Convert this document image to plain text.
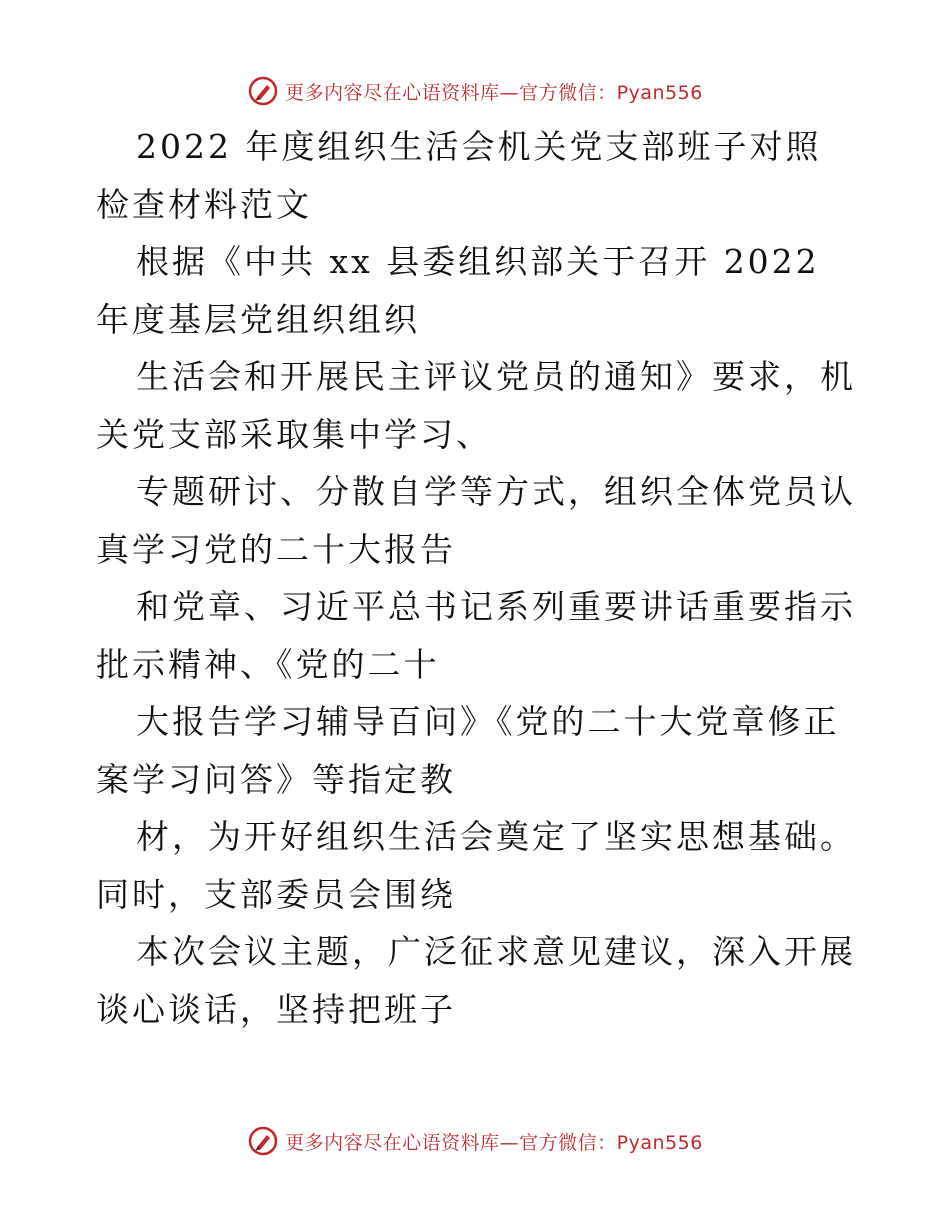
更多内容尽在心语资料库—官方微信：Pyan556

2022 年度组织生活会机关党支部班子对照检查材料范文

根据《中共 xx 县委组织部关于召开 2022 年度基层党组织组织

生活会和开展民主评议党员的通知》要求，机关党支部采取集中学习、

专题研讨、分散自学等方式，组织全体党员认真学习党的二十大报告

和党章、习近平总书记系列重要讲话重要指示批示精神、《党的二十

大报告学习辅导百问》《党的二十大党章修正案学习问答》等指定教

材，为开好组织生活会奠定了坚实思想基础。同时，支部委员会围绕

本次会议主题，广泛征求意见建议，深入开展谈心谈话，坚持把班子

更多内容尽在心语资料库—官方微信：Pyan556
